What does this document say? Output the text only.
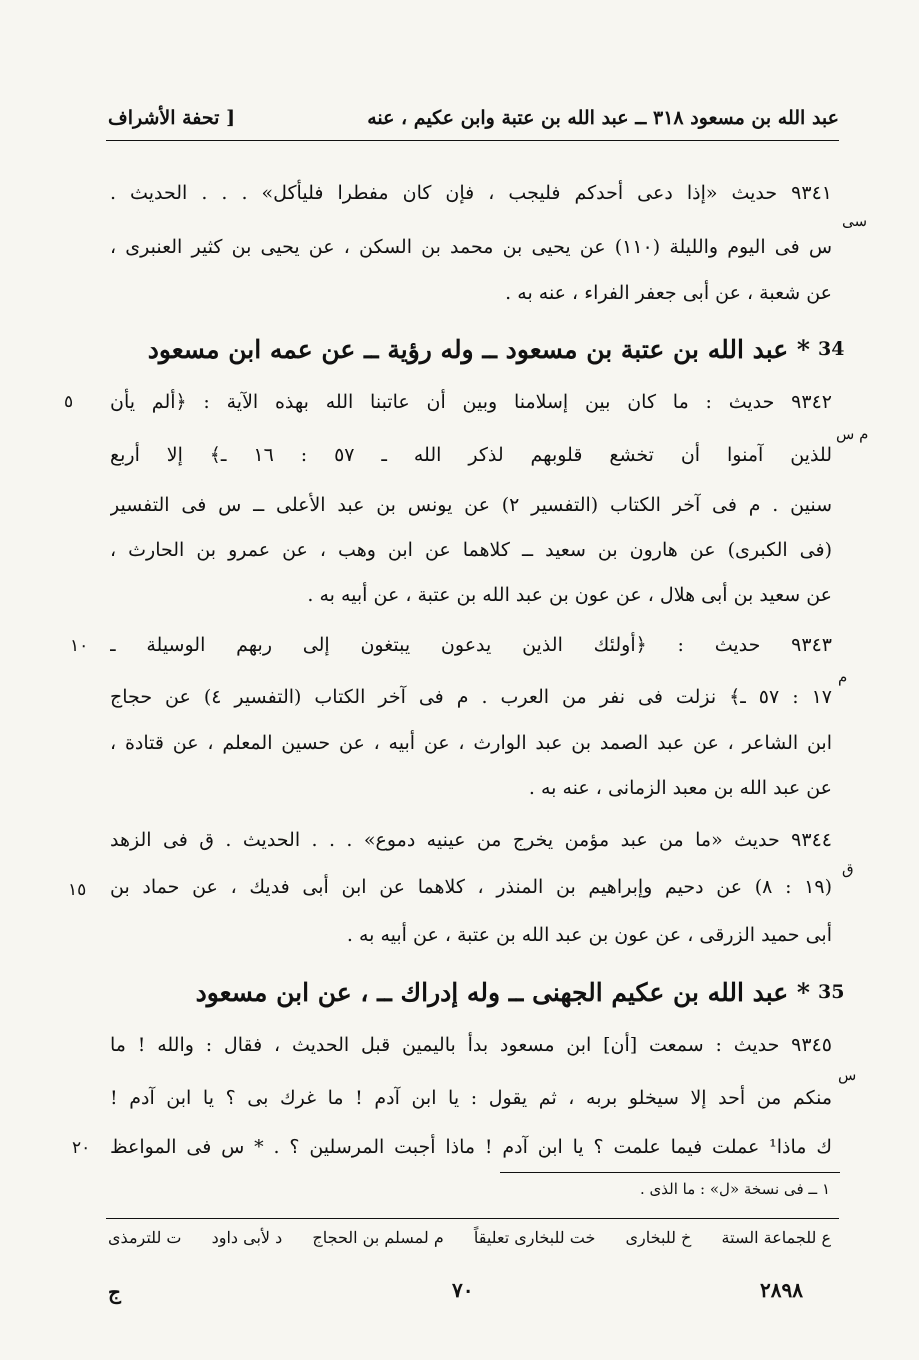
عبد الله بن مسعود ٣١٨ ــ عبد الله بن عتبة وابن عكيم ، عنه
[ تحفة الأشراف
٩٣٤١ حديث «إذا دعى أحدكم فليجب ، فإن كان مفطرا فليأكل» . . . الحديث .
س فى اليوم والليلة (١١٠) عن يحيى بن محمد بن السكن ، عن يحيى بن كثير العنبرى ،
عن شعبة ، عن أبى جعفر الفراء ، عنه به .
سى
* عبد الله بن عتبة بن مسعود ــ وله رؤية ــ عن عمه ابن مسعود 34
٩٣٤٢ حديث : ما كان بين إسلامنا وبين أن عاتبنا الله بهذه الآية : ﴿ألم يأن
للذين آمنوا أن تخشع قلوبهم لذكر الله ـ ٥٧ : ١٦ ـ﴾ إلا أربع
سنين . م فى آخر الكتاب (التفسير ٢) عن يونس بن عبد الأعلى ــ س فى التفسير
(فى الكبرى) عن هارون بن سعيد ــ كلاهما عن ابن وهب ، عن عمرو بن الحارث ،
عن سعيد بن أبى هلال ، عن عون بن عبد الله بن عتبة ، عن أبيه به .
م س
٥
٩٣٤٣ حديث : ﴿أولئك الذين يدعون يبتغون إلى ربهم الوسيلة ـ
١٧ : ٥٧ ـ﴾ نزلت فى نفر من العرب . م فى آخر الكتاب (التفسير ٤) عن حجاج
ابن الشاعر ، عن عبد الصمد بن عبد الوارث ، عن أبيه ، عن حسين المعلم ، عن قتادة ،
عن عبد الله بن معبد الزمانى ، عنه به .
م
١٠
٩٣٤٤ حديث «ما من عبد مؤمن يخرج من عينيه دموع» . . . الحديث . ق فى الزهد
(١٩ : ٨) عن دحيم وإبراهيم بن المنذر ، كلاهما عن ابن أبى فديك ، عن حماد بن
أبى حميد الزرقى ، عن عون بن عبد الله بن عتبة ، عن أبيه به .
ق
١٥
* عبد الله بن عكيم الجهنى ــ وله إدراك ــ ، عن ابن مسعود 35
٩٣٤٥ حديث : سمعت [أن] ابن مسعود بدأ باليمين قبل الحديث ، فقال : والله ! ما
منكم من أحد إلا سيخلو بربه ، ثم يقول : يا ابن آدم ! ما غرك بى ؟ يا ابن آدم !
ك ماذا¹ عملت فيما علمت ؟ يا ابن آدم ! ماذا أجبت المرسلين ؟ . * س فى المواعظ
س
٢٠
١ ــ فى نسخة «ل» : ما الذى .
ع للجماعة الستة
خ للبخارى
خت للبخارى تعليقاً
م لمسلم بن الحجاج
د لأبى داود
ت للترمذى
٢٨٩٨
٧٠
ج
